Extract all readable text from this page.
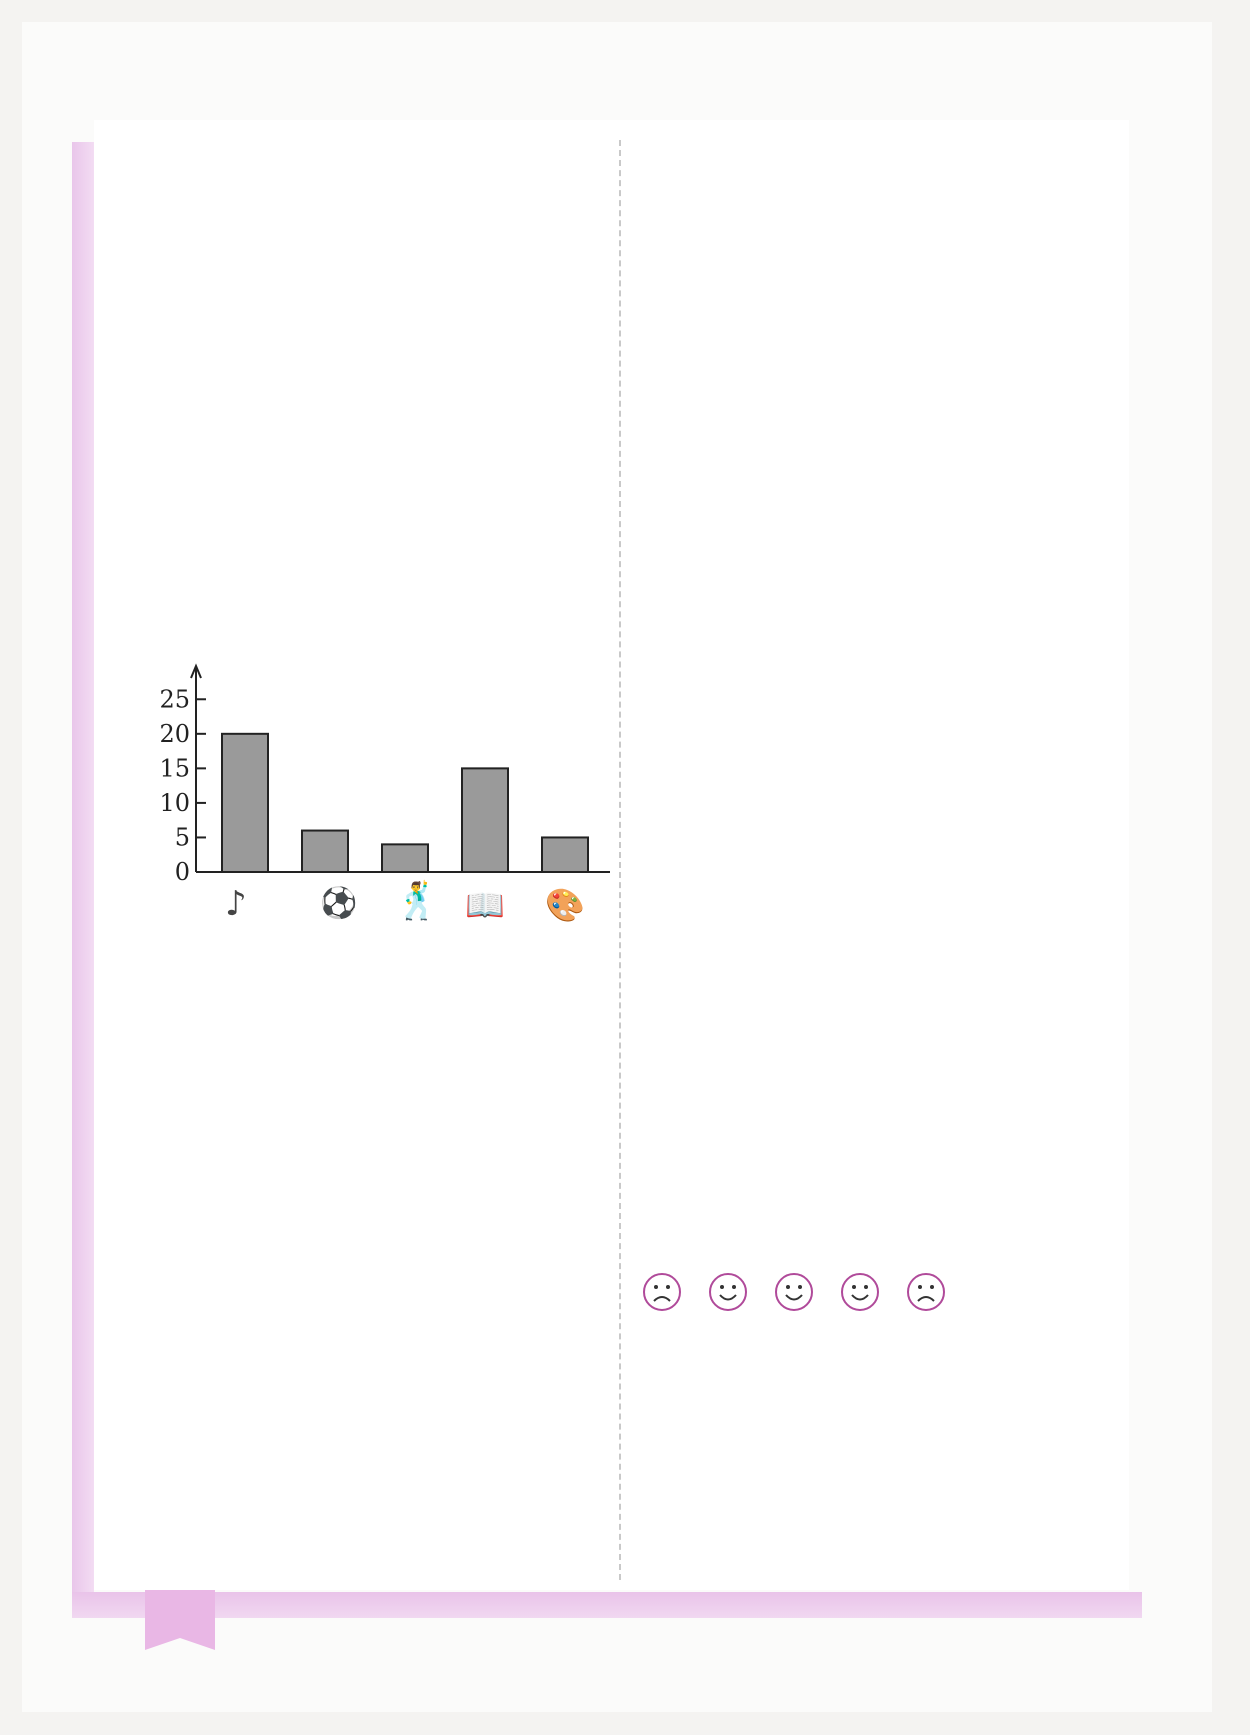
0
5
10
15
20
25
♪ ⚽ 🕺 📖 🎨
